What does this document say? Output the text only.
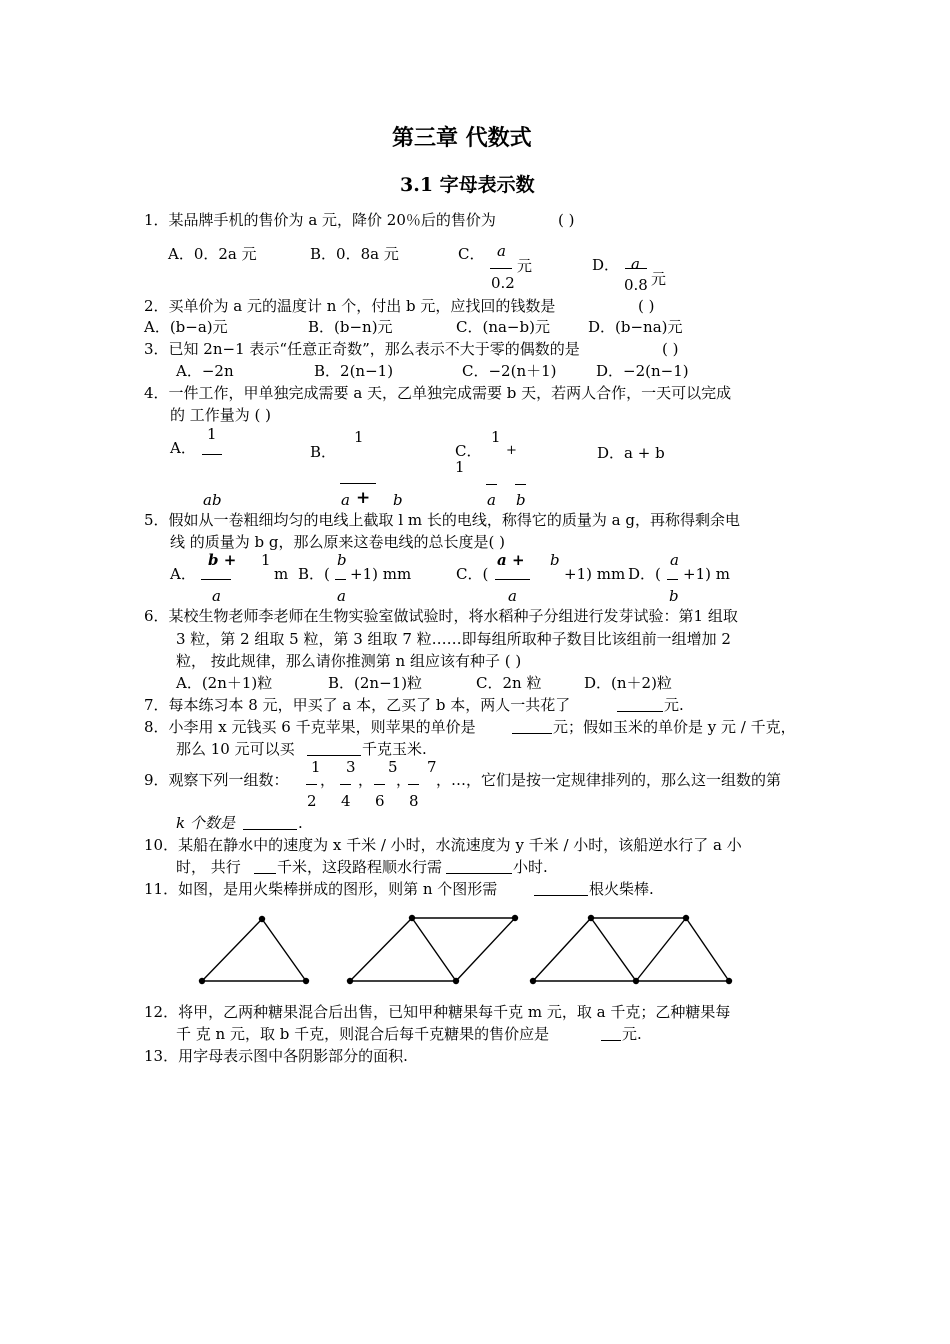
第三章 代数式
3.1 字母表示数
1．某品牌手机的售价为 a 元，降价 20％后的售价为	( )
A．0．2a 元	B．0．8a 元	C． a
0.2
元	D． a
0.8 元
2．买单价为 a 元的温度计 n 个，付出 b 元，应找回的钱数是	( )
A．(b−a)元	B．(b−n)元	C．(na−b)元	D．(b−na)元
3．已知 2n−1 表示“任意正奇数”，那么表示不大于零的偶数的是	( )
A．−2n	B．2(n−1)	C．−2(n＋1)	D．−2(n−1)
4．一件工作，甲单独完成需要 a 天，乙单独完成需要 b 天，若两人合作，一天可以完成
的 工作量为 ( )
A．
1
ab
B．
1
a + b
C．
1
+
1
a b
D．a + b
5．假如从一卷粗细均匀的电线上截取 l m 长的电线，称得它的质量为 a g，再称得剩余电
线 的质量为 b g，那么原来这卷电线的总长度是( )
A．
b + 1
a
m B．(
b
a
+1) mm	C．(
a + b
a
+1) mm D．(
a
b
+1) m
6．某校生物老师李老师在生物实验室做试验时，将水稻种子分组进行发芽试验：第1 组取
3 粒，第 2 组取 5 粒，第 3 组取 7 粒……即每组所取种子数目比该组前一组增加 2
粒， 按此规律，那么请你推测第 n 组应该有种子 ( )
A．(2n＋1)粒	B．(2n−1)粒	C．2n 粒	D．(n＋2)粒
7．每本练习本 8 元，甲买了 a 本，乙买了 b 本，两人一共花了	元.
8．小李用 x 元钱买 6 千克苹果，则苹果的单价是	元；假如玉米的单价是 y 元 / 千克，
那么 10 元可以买	千克玉米.
9．观察下列一组数：
1
2
，
3
4
，
5
6
，
7
8
，…，它们是按一定规律排列的，那么这一组数的第
k 个数是	.
10．某船在静水中的速度为 x 千米 / 小时，水流速度为 y 千米 / 小时，该船逆水行了 a 小
时， 共行 千米，这段路程顺水行需	小时.
11．如图，是用火柴棒拼成的图形，则第 n 个图形需	根火柴棒.
12．将甲，乙两种糖果混合后出售，已知甲种糖果每千克 m 元，取 a 千克；乙种糖果每
千 克 n 元，取 b 千克，则混合后每千克糖果的售价应是	元.
13．用字母表示图中各阴影部分的面积.
